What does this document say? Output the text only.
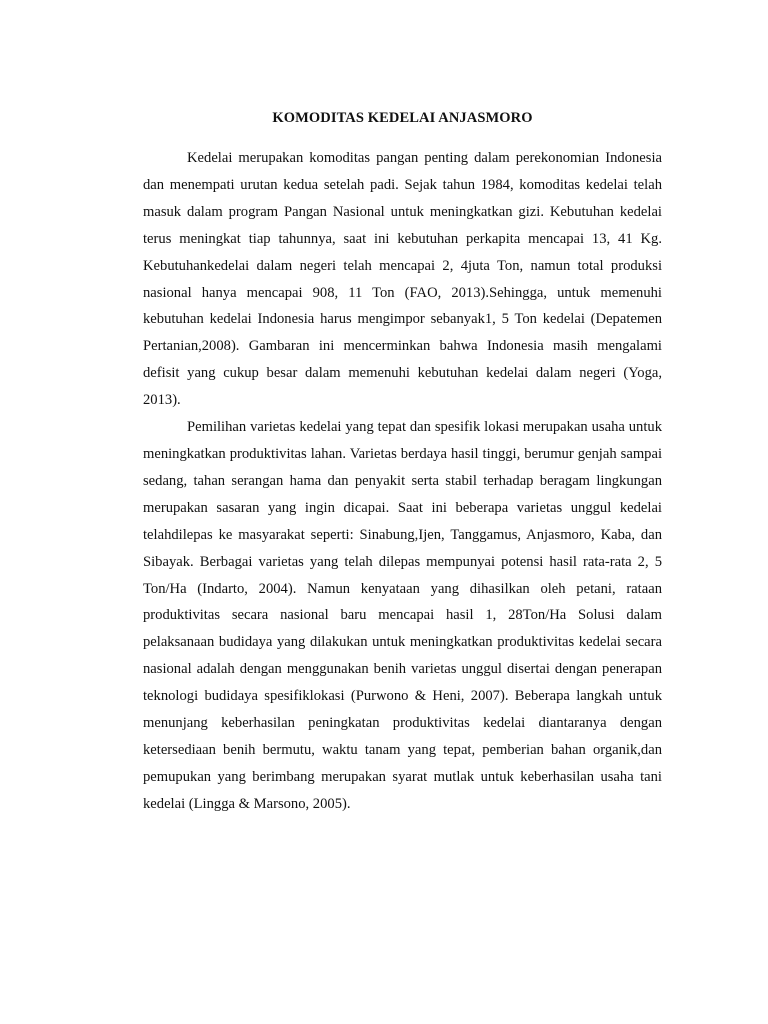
KOMODITAS KEDELAI ANJASMORO

Kedelai merupakan komoditas pangan penting dalam perekonomian Indonesia dan menempati urutan kedua setelah padi. Sejak tahun 1984, komoditas kedelai telah masuk dalam program Pangan Nasional untuk meningkatkan gizi. Kebutuhan kedelai terus meningkat tiap tahunnya, saat ini kebutuhan perkapita mencapai 13, 41 Kg. Kebutuhankedelai dalam negeri telah mencapai 2, 4juta Ton, namun total produksi nasional hanya mencapai 908, 11 Ton (FAO, 2013).Sehingga, untuk memenuhi kebutuhan kedelai Indonesia harus mengimpor sebanyak1, 5 Ton kedelai (Depatemen Pertanian,2008). Gambaran ini mencerminkan bahwa Indonesia masih mengalami defisit yang cukup besar dalam memenuhi kebutuhan kedelai dalam negeri (Yoga, 2013).

Pemilihan varietas kedelai yang tepat dan spesifik lokasi merupakan usaha untuk meningkatkan produktivitas lahan. Varietas berdaya hasil tinggi, berumur genjah sampai sedang, tahan serangan hama dan penyakit serta stabil terhadap beragam lingkungan merupakan sasaran yang ingin dicapai. Saat ini beberapa varietas unggul kedelai telahdilepas ke masyarakat seperti: Sinabung,Ijen, Tanggamus, Anjasmoro, Kaba, dan Sibayak. Berbagai varietas yang telah dilepas mempunyai potensi hasil rata-rata 2, 5 Ton/Ha (Indarto, 2004). Namun kenyataan yang dihasilkan oleh petani, rataan produktivitas secara nasional baru mencapai hasil 1, 28Ton/Ha Solusi dalam pelaksanaan budidaya yang dilakukan untuk meningkatkan produktivitas kedelai secara nasional adalah dengan menggunakan benih varietas unggul disertai dengan penerapan teknologi budidaya spesifiklokasi (Purwono & Heni, 2007). Beberapa langkah untuk menunjang keberhasilan peningkatan produktivitas kedelai diantaranya dengan ketersediaan benih bermutu, waktu tanam yang tepat, pemberian bahan organik,dan pemupukan yang berimbang merupakan syarat mutlak untuk keberhasilan usaha tani kedelai (Lingga & Marsono, 2005).
